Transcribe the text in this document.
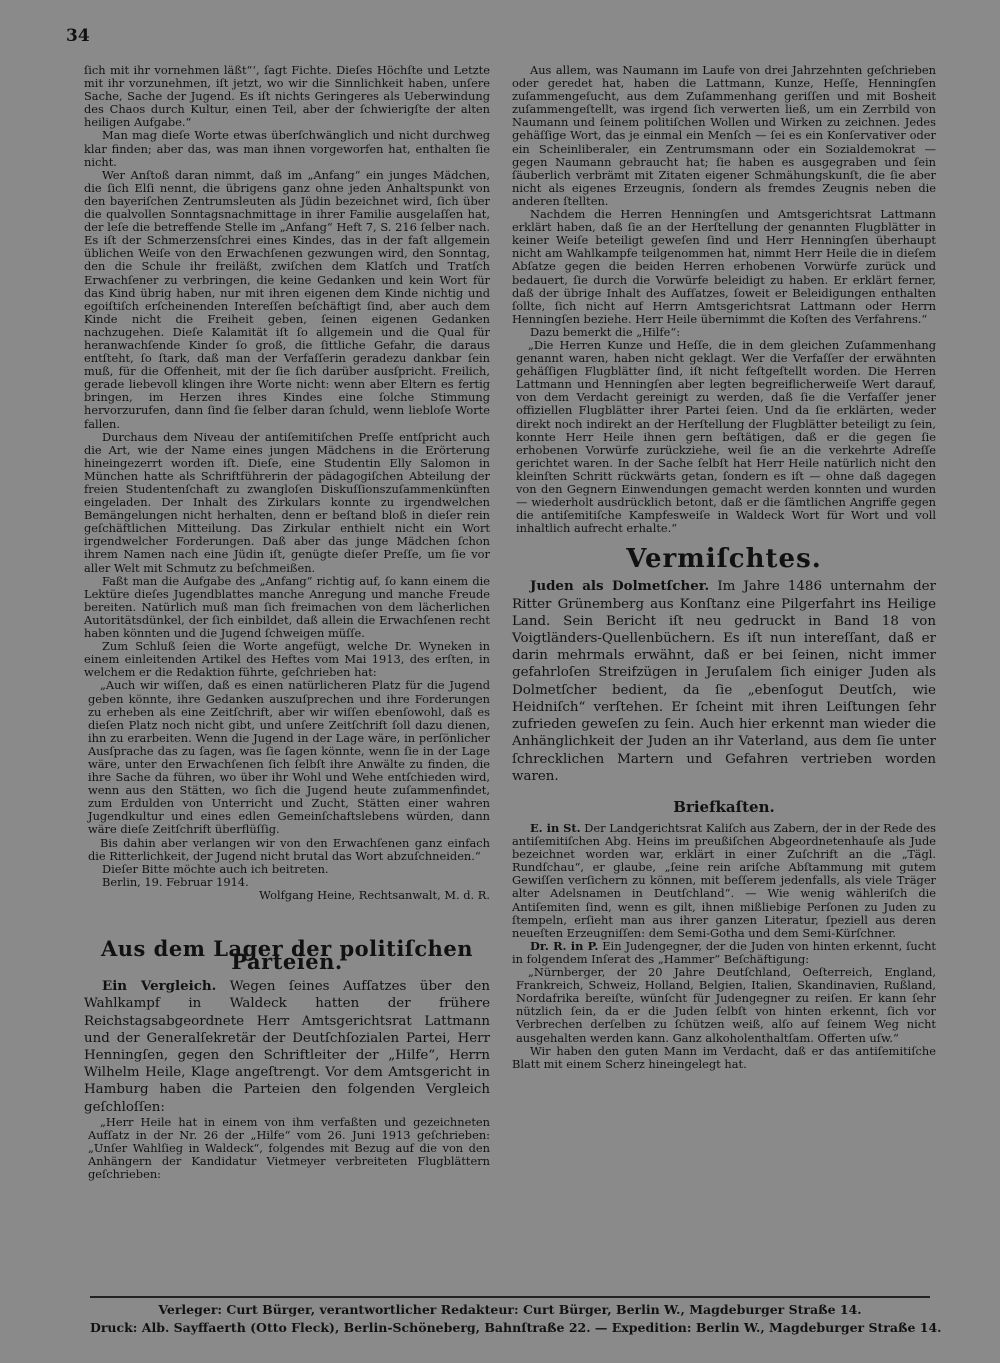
34

ſich mit ihr vornehmen läßt“‘, ſagt Fichte. Dieſes Höchſte und Letzte mit ihr vorzunehmen, iſt jetzt, wo wir die Sinnlichkeit haben, unſere Sache, Sache der Jugend. Es iſt nichts Geringeres als Ueberwindung des Chaos durch Kultur, einen Teil, aber der ſchwierigſte der alten heiligen Aufgabe.“

Man mag dieſe Worte etwas überſchwänglich und nicht durchweg klar finden; aber das, was man ihnen vorgeworfen hat, enthalten ſie nicht.

Wer Anſtoß daran nimmt, daß im „Anfang“ ein junges Mädchen, die ſich Elſi nennt, die übrigens ganz ohne jeden Anhaltspunkt von den bayeriſchen Zentrumsleuten als Jüdin bezeichnet wird, ſich über die qualvollen Sonntagsnachmittage in ihrer Familie ausgelaſſen hat, der leſe die betreffende Stelle im „Anfang“ Heft 7, S. 216 ſelber nach. Es iſt der Schmerzensſchrei eines Kindes, das in der faſt allgemein üblichen Weiſe von den Erwachſenen gezwungen wird, den Sonntag, den die Schule ihr freiläßt, zwiſchen dem Klatſch und Tratſch Erwachſener zu verbringen, die keine Gedanken und kein Wort für das Kind übrig haben, nur mit ihren eigenen dem Kinde nichtig und egoiſtiſch erſcheinenden Intereſſen beſchäftigt ſind, aber auch dem Kinde nicht die Freiheit geben, ſeinen eigenen Gedanken nachzugehen. Dieſe Kalamität iſt ſo allgemein und die Qual für heranwachſende Kinder ſo groß, die ſittliche Gefahr, die daraus entſteht, ſo ſtark, daß man der Verfaſſerin geradezu dankbar ſein muß, für die Offenheit, mit der ſie ſich darüber ausſpricht. Freilich, gerade liebevoll klingen ihre Worte nicht: wenn aber Eltern es fertig bringen, im Herzen ihres Kindes eine ſolche Stimmung hervorzurufen, dann ſind ſie ſelber daran ſchuld, wenn liebloſe Worte fallen.

Durchaus dem Niveau der antiſemitiſchen Preſſe entſpricht auch die Art, wie der Name eines jungen Mädchens in die Erörterung hineingezerrt worden iſt. Dieſe, eine Studentin Elly Salomon in München hatte als Schriftführerin der pädagogiſchen Abteilung der freien Studentenſchaft zu zwangloſen Diskuſſionszuſammenkünften eingeladen. Der Inhalt des Zirkulars konnte zu irgendwelchen Bemängelungen nicht herhalten, denn er beſtand bloß in dieſer rein geſchäftlichen Mitteilung. Das Zirkular enthielt nicht ein Wort irgendwelcher Forderungen. Daß aber das junge Mädchen ſchon ihrem Namen nach eine Jüdin iſt, genügte dieſer Preſſe, um ſie vor aller Welt mit Schmutz zu beſchmeißen.

Faßt man die Aufgabe des „Anfang“ richtig auf, ſo kann einem die Lektüre dieſes Jugendblattes manche Anregung und manche Freude bereiten. Natürlich muß man ſich freimachen von dem lächerlichen Autoritätsdünkel, der ſich einbildet, daß allein die Erwachſenen recht haben könnten und die Jugend ſchweigen müſſe.

Zum Schluß ſeien die Worte angefügt, welche Dr. Wyneken in einem einleitenden Artikel des Heftes vom Mai 1913, des erſten, in welchem er die Redaktion führte, geſchrieben hat:

„Auch wir wiſſen, daß es einen natürlicheren Platz für die Jugend geben könnte, ihre Gedanken auszuſprechen und ihre Forderungen zu erheben als eine Zeitſchrift, aber wir wiſſen ebenſowohl, daß es dieſen Platz noch nicht gibt, und unſere Zeitſchrift ſoll dazu dienen, ihn zu erarbeiten. Wenn die Jugend in der Lage wäre, in perſönlicher Ausſprache das zu ſagen, was ſie ſagen könnte, wenn ſie in der Lage wäre, unter den Erwachſenen ſich ſelbſt ihre Anwälte zu finden, die ihre Sache da führen, wo über ihr Wohl und Wehe entſchieden wird, wenn aus den Stätten, wo ſich die Jugend heute zuſammenfindet, zum Erdulden von Unterricht und Zucht, Stätten einer wahren Jugendkultur und eines edlen Gemeinſchaftslebens würden, dann wäre dieſe Zeitſchrift überflüſſig.

Bis dahin aber verlangen wir von den Erwachſenen ganz einfach die Ritterlichkeit, der Jugend nicht brutal das Wort abzuſchneiden.“

Dieſer Bitte möchte auch ich beitreten.

Berlin, 19. Februar 1914.

Wolfgang Heine, Rechtsanwalt, M. d. R.

Aus dem Lager der politiſchen Parteien.

Ein Vergleich. Wegen ſeines Aufſatzes über den Wahlkampf in Waldeck hatten der frühere Reichstagsabgeordnete Herr Amtsgerichtsrat Lattmann und der Generalſekretär der Deutſchſozialen Partei, Herr Henningſen, gegen den Schriftleiter der „Hilfe“, Herrn Wilhelm Heile, Klage angeſtrengt. Vor dem Amtsgericht in Hamburg haben die Parteien den folgenden Vergleich geſchloſſen:

„Herr Heile hat in einem von ihm verfaßten und gezeichneten Aufſatz in der Nr. 26 der „Hilfe“ vom 26. Juni 1913 geſchrieben: „Unſer Wahlſieg in Waldeck“, folgendes mit Bezug auf die von den Anhängern der Kandidatur Vietmeyer verbreiteten Flugblättern geſchrieben:

Aus allem, was Naumann im Laufe von drei Jahrzehnten geſchrieben oder geredet hat, haben die Lattmann, Kunze, Heſſe, Henningſen zuſammengeſucht, aus dem Zuſammenhang geriſſen und mit Bosheit zuſammengeſtellt, was irgend ſich verwerten ließ, um ein Zerrbild von Naumann und ſeinem politiſchen Wollen und Wirken zu zeichnen. Jedes gehäſſige Wort, das je einmal ein Menſch — ſei es ein Konſervativer oder ein Scheinliberaler, ein Zentrumsmann oder ein Sozialdemokrat — gegen Naumann gebraucht hat; ſie haben es ausgegraben und ſein ſäuberlich verbrämt mit Zitaten eigener Schmähungskunſt, die ſie aber nicht als eigenes Erzeugnis, ſondern als fremdes Zeugnis neben die anderen ſtellten.

Nachdem die Herren Henningſen und Amtsgerichtsrat Lattmann erklärt haben, daß ſie an der Herſtellung der genannten Flugblätter in keiner Weiſe beteiligt geweſen ſind und Herr Henningſen überhaupt nicht am Wahlkampfe teilgenommen hat, nimmt Herr Heile die in dieſem Abſatze gegen die beiden Herren erhobenen Vorwürfe zurück und bedauert, ſie durch die Vorwürfe beleidigt zu haben. Er erklärt ferner, daß der übrige Inhalt des Aufſatzes, ſoweit er Beleidigungen enthalten ſollte, ſich nicht auf Herrn Amtsgerichtsrat Lattmann oder Herrn Henningſen beziehe. Herr Heile übernimmt die Koſten des Verfahrens.“

Dazu bemerkt die „Hilfe“:

„Die Herren Kunze und Heſſe, die in dem gleichen Zuſammenhang genannt waren, haben nicht geklagt. Wer die Verfaſſer der erwähnten gehäſſigen Flugblätter ſind, iſt nicht feſtgeſtellt worden. Die Herren Lattmann und Henningſen aber legten begreiflicherweiſe Wert darauf, von dem Verdacht gereinigt zu werden, daß ſie die Verfaſſer jener offiziellen Flugblätter ihrer Partei ſeien. Und da ſie erklärten, weder direkt noch indirekt an der Herſtellung der Flugblätter beteiligt zu ſein, konnte Herr Heile ihnen gern beſtätigen, daß er die gegen ſie erhobenen Vorwürfe zurückziehe, weil ſie an die verkehrte Adreſſe gerichtet waren. In der Sache ſelbſt hat Herr Heile natürlich nicht den kleinſten Schritt rückwärts getan, ſondern es iſt — ohne daß dagegen von den Gegnern Einwendungen gemacht werden konnten und wurden — wiederholt ausdrücklich betont, daß er die ſämtlichen Angriffe gegen die antiſemitiſche Kampfesweiſe in Waldeck Wort für Wort und voll inhaltlich aufrecht erhalte.“

Vermiſchtes.

Juden als Dolmetſcher. Im Jahre 1486 unternahm der Ritter Grünemberg aus Konſtanz eine Pilgerfahrt ins Heilige Land. Sein Bericht iſt neu gedruckt in Band 18 von Voigtländers-Quellenbüchern. Es iſt nun intereſſant, daß er darin mehrmals erwähnt, daß er bei ſeinen, nicht immer gefahrloſen Streifzügen in Jeruſalem ſich einiger Juden als Dolmetſcher bedient, da ſie „ebenſogut Deutſch, wie Heidniſch“ verſtehen. Er ſcheint mit ihren Leiſtungen ſehr zufrieden geweſen zu ſein. Auch hier erkennt man wieder die Anhänglichkeit der Juden an ihr Vaterland, aus dem ſie unter ſchrecklichen Martern und Gefahren vertrieben worden waren.

Briefkaſten.

E. in St. Der Landgerichtsrat Kaliſch aus Zabern, der in der Rede des antiſemitiſchen Abg. Heins im preußiſchen Abgeordnetenhauſe als Jude bezeichnet worden war, erklärt in einer Zuſchrift an die „Tägl. Rundſchau“, er glaube, „ſeine rein ariſche Abſtammung mit gutem Gewiſſen verſichern zu können, mit beſſerem jedenfalls, als viele Träger alter Adelsnamen in Deutſchland“. — Wie wenig wähleriſch die Antiſemiten ſind, wenn es gilt, ihnen mißliebige Perſonen zu Juden zu ſtempeln, erſieht man aus ihrer ganzen Literatur, ſpeziell aus deren neueſten Erzeugniſſen: dem Semi-Gotha und dem Semi-Kürſchner.

Dr. R. in P. Ein Judengegner, der die Juden von hinten erkennt, ſucht in folgendem Inſerat des „Hammer“ Beſchäftigung:

„Nürnberger, der 20 Jahre Deutſchland, Oeſterreich, England, Frankreich, Schweiz, Holland, Belgien, Italien, Skandinavien, Rußland, Nordafrika bereiſte, wünſcht für Judengegner zu reiſen. Er kann ſehr nützlich ſein, da er die Juden ſelbſt von hinten erkennt, ſich vor Verbrechen derſelben zu ſchützen weiß, alſo auf ſeinem Weg nicht ausgehalten werden kann. Ganz alkoholenthaltſam. Offerten uſw.“

Wir haben den guten Mann im Verdacht, daß er das antiſemitiſche Blatt mit einem Scherz hineingelegt hat.

Verleger: Curt Bürger, verantwortlicher Redakteur: Curt Bürger, Berlin W., Magdeburger Straße 14.
Druck: Alb. Sayffaerth (Otto Fleck), Berlin-Schöneberg, Bahnſtraße 22. — Expedition: Berlin W., Magdeburger Straße 14.
